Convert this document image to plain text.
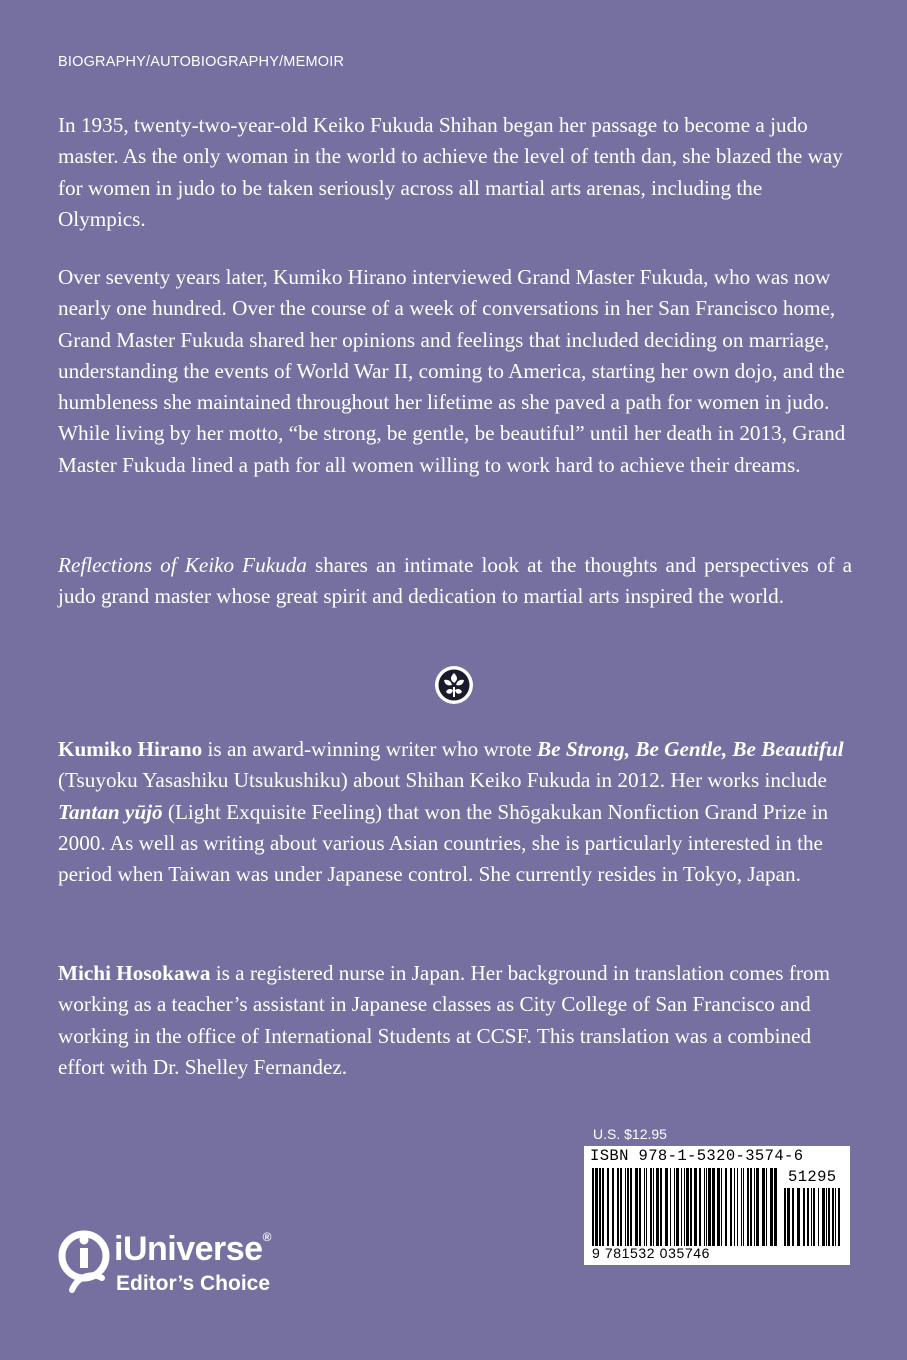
BIOGRAPHY/AUTOBIOGRAPHY/MEMOIR

In 1935, twenty-two-year-old Keiko Fukuda Shihan began her passage to become a judo master. As the only woman in the world to achieve the level of tenth dan, she blazed the way for women in judo to be taken seriously across all martial arts arenas, including the Olympics.

Over seventy years later, Kumiko Hirano interviewed Grand Master Fukuda, who was now nearly one hundred. Over the course of a week of conversations in her San Francisco home, Grand Master Fukuda shared her opinions and feelings that included deciding on marriage, understanding the events of World War II, coming to America, starting her own dojo, and the humbleness she maintained throughout her lifetime as she paved a path for women in judo. While living by her motto, “be strong, be gentle, be beautiful” until her death in 2013, Grand Master Fukuda lined a path for all women willing to work hard to achieve their dreams.

Reflections of Keiko Fukuda shares an intimate look at the thoughts and perspectives of a judo grand master whose great spirit and dedication to martial arts inspired the world.

Kumiko Hirano is an award-winning writer who wrote Be Strong, Be Gentle, Be Beautiful (Tsuyoku Yasashiku Utsukushiku) about Shihan Keiko Fukuda in 2012. Her works include Tantan yūjō (Light Exquisite Feeling) that won the Shōgakukan Nonfiction Grand Prize in 2000. As well as writing about various Asian countries, she is particularly interested in the period when Taiwan was under Japanese control. She currently resides in Tokyo, Japan.

Michi Hosokawa is a registered nurse in Japan. Her background in translation comes from working as a teacher’s assistant in Japanese classes as City College of San Francisco and working in the office of International Students at CCSF. This translation was a combined effort with Dr. Shelley Fernandez.

U.S. $12.95
ISBN 978-1-5320-3574-6
51295
9 781532 035746
iUniverse®
Editor’s Choice
